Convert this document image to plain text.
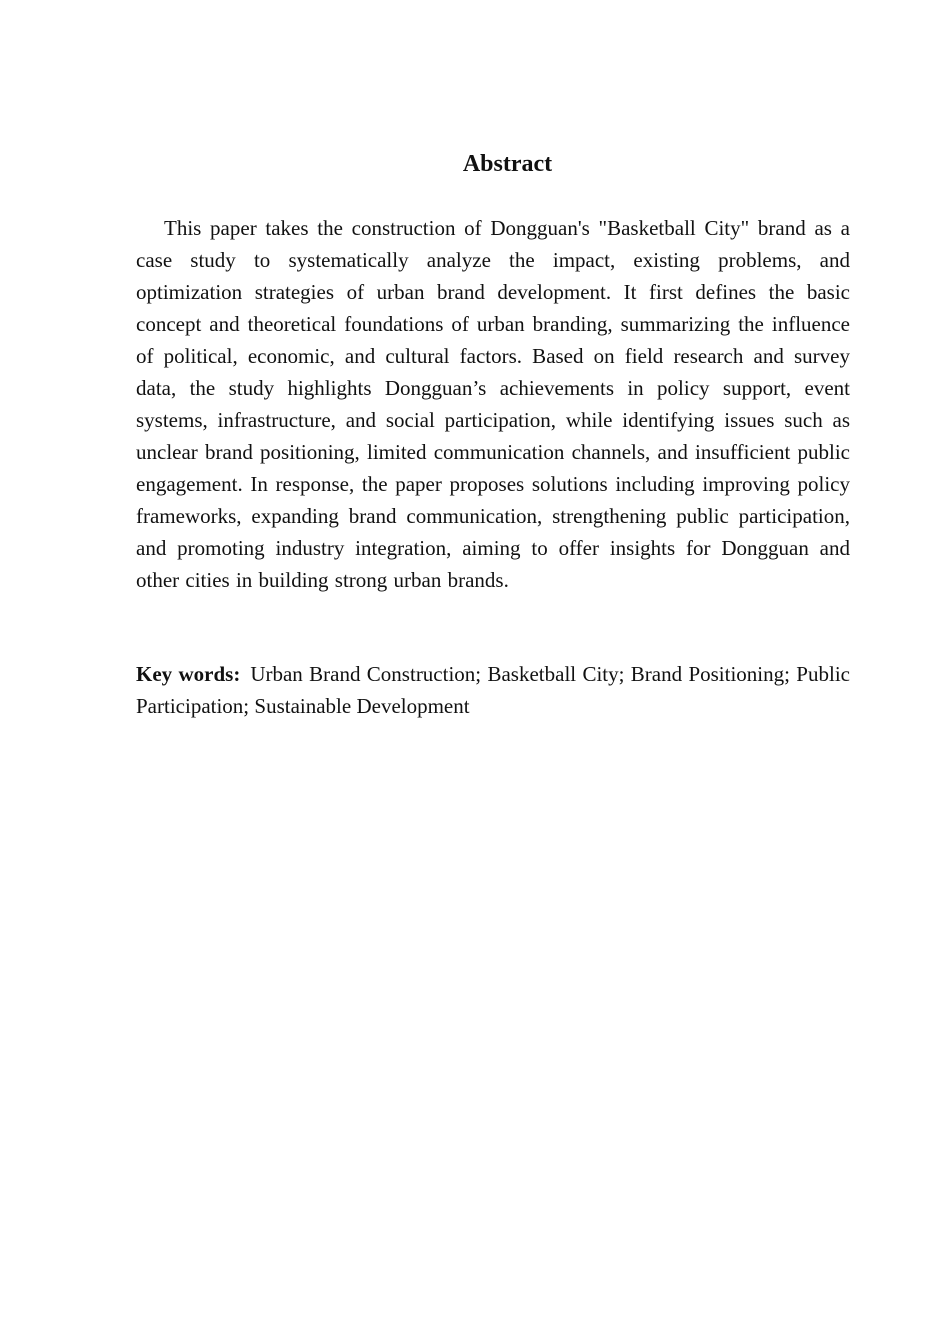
Abstract

This paper takes the construction of Dongguan's "Basketball City" brand as a case study to systematically analyze the impact, existing problems, and optimization strategies of urban brand development. It first defines the basic concept and theoretical foundations of urban branding, summarizing the influence of political, economic, and cultural factors. Based on field research and survey data, the study highlights Dongguan’s achievements in policy support, event systems, infrastructure, and social participation, while identifying issues such as unclear brand positioning, limited communication channels, and insufficient public engagement. In response, the paper proposes solutions including improving policy frameworks, expanding brand communication, strengthening public participation, and promoting industry integration, aiming to offer insights for Dongguan and other cities in building strong urban brands.

Key words: Urban Brand Construction; Basketball City; Brand Positioning; Public Participation; Sustainable Development
